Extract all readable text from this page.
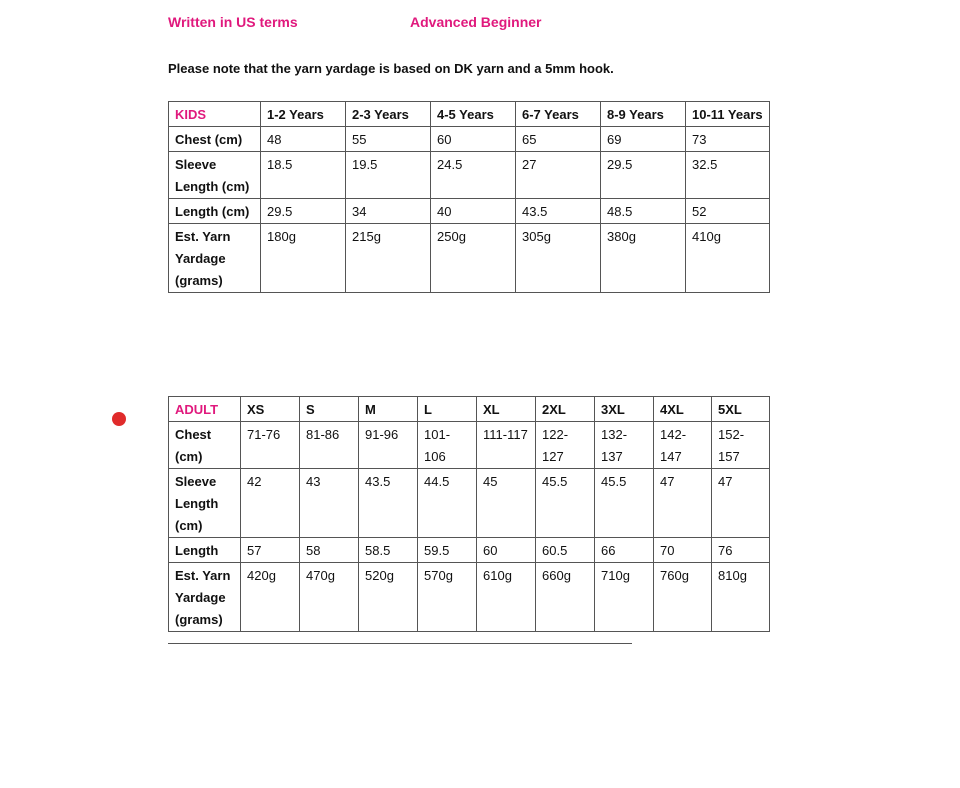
Written in US terms	Advanced Beginner
Please note that the yarn yardage is based on DK yarn and a 5mm hook.
KIDS	1-2 Years	2-3 Years	4-5 Years	6-7 Years	8-9 Years	10-11 Years
Chest (cm)	48	55	60	65	69	73
Sleeve Length (cm)	18.5	19.5	24.5	27	29.5	32.5
Length (cm)	29.5	34	40	43.5	48.5	52
Est. Yarn Yardage (grams)	180g	215g	250g	305g	380g	410g
ADULT	XS	S	M	L	XL	2XL	3XL	4XL	5XL
Chest (cm)	71-76	81-86	91-96	101-106	111-117	122-127	132-137	142-147	152-157
Sleeve Length (cm)	42	43	43.5	44.5	45	45.5	45.5	47	47
Length	57	58	58.5	59.5	60	60.5	66	70	76
Est. Yarn Yardage (grams)	420g	470g	520g	570g	610g	660g	710g	760g	810g
